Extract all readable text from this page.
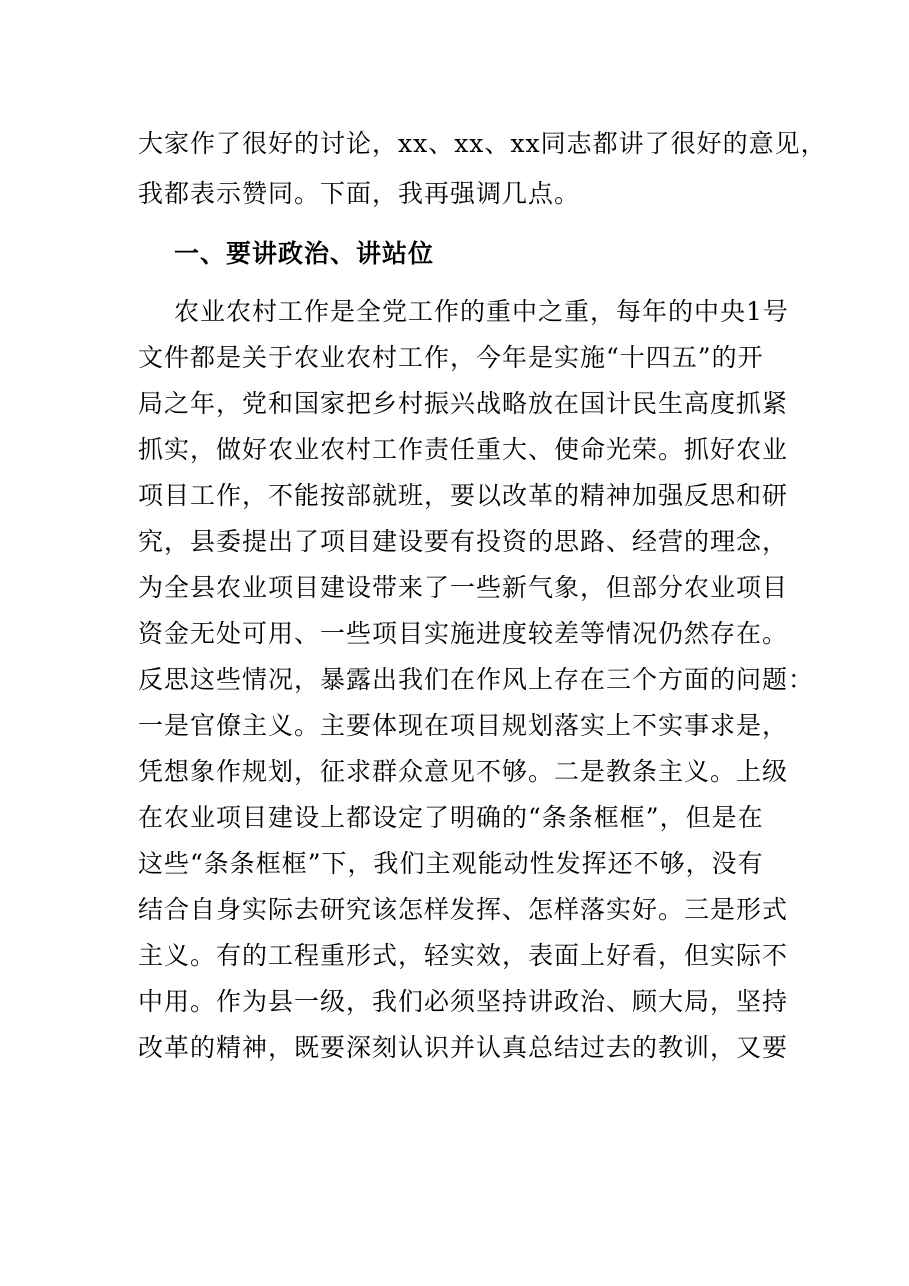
大家作了很好的讨论，xx、xx、xx同志都讲了很好的意见，
我都表示赞同。下面，我再强调几点。
一、要讲政治、讲站位
农业农村工作是全党工作的重中之重，每年的中央1号
文件都是关于农业农村工作，今年是实施“十四五”的开
局之年，党和国家把乡村振兴战略放在国计民生高度抓紧
抓实，做好农业农村工作责任重大、使命光荣。抓好农业
项目工作，不能按部就班，要以改革的精神加强反思和研
究，县委提出了项目建设要有投资的思路、经营的理念，
为全县农业项目建设带来了一些新气象，但部分农业项目
资金无处可用、一些项目实施进度较差等情况仍然存在。
反思这些情况，暴露出我们在作风上存在三个方面的问题：
一是官僚主义。主要体现在项目规划落实上不实事求是，
凭想象作规划，征求群众意见不够。二是教条主义。上级
在农业项目建设上都设定了明确的“条条框框”，但是在
这些“条条框框”下，我们主观能动性发挥还不够，没有
结合自身实际去研究该怎样发挥、怎样落实好。三是形式
主义。有的工程重形式，轻实效，表面上好看，但实际不
中用。作为县一级，我们必须坚持讲政治、顾大局，坚持
改革的精神，既要深刻认识并认真总结过去的教训，又要
